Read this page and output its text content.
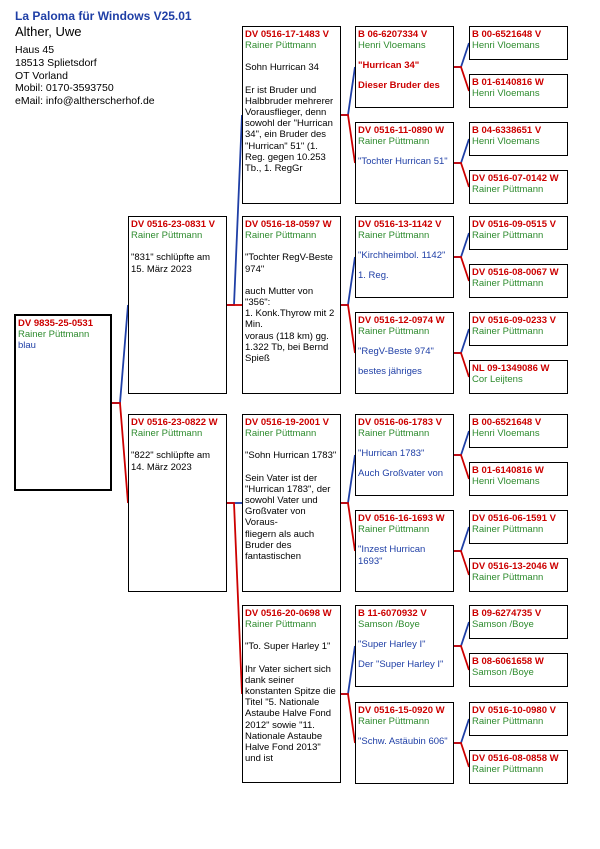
La Paloma für Windows V25.01
Alther, Uwe
Haus 45
18513 Splietsdorf
OT Vorland
Mobil: 0170-3593750
eMail: info@altherscherhof.de
DV 9835-25-0531
Rainer Püttmann
blau
DV 0516-23-0831 V
Rainer Püttmann
"831" schlüpfte am 15. März 2023
DV 0516-23-0822 W
Rainer Püttmann
"822" schlüpfte am 14. März 2023
DV 0516-17-1483 V
Rainer Püttmann
Sohn Hurrican 34
Er ist Bruder und Halbbruder mehrerer Vorausflieger, denn sowohl der "Hurrican 34", ein Bruder des "Hurrican" 51" (1. Reg. gegen 10.253 Tb., 1. RegGr
DV 0516-18-0597 W
Rainer Püttmann
"Tochter RegV-Beste 974"
auch Mutter von "356":
1. Konk.Thyrow mit 2 Min.
voraus (118 km) gg. 1.322 Tb, bei Bernd Spieß
DV 0516-19-2001 V
Rainer Püttmann
"Sohn Hurrican 1783"
Sein Vater ist der "Hurrican 1783", der sowohl Vater und Großvater von Voraus-
fliegern als auch Bruder des fantastischen
DV 0516-20-0698 W
Rainer Püttmann
"To. Super Harley 1"
Ihr Vater sichert sich dank seiner konstanten Spitze die Titel "5. Nationale Astaube Halve Fond 2012" sowie "11. Nationale Astaube Halve Fond 2013" und ist
B 06-6207334 V
Henri Vloemans
"Hurrican 34"
Dieser Bruder des
DV 0516-11-0890 W
Rainer Püttmann
"Tochter Hurrican 51"
DV 0516-13-1142 V
Rainer Püttmann
"Kirchheimbol. 1142"
1. Reg.
DV 0516-12-0974 W
Rainer Püttmann
"RegV-Beste 974"
bestes jähriges
DV 0516-06-1783 V
Rainer Püttmann
"Hurrican 1783"
Auch Großvater von
DV 0516-16-1693 W
Rainer Püttmann
"Inzest Hurrican 1693"
B 11-6070932 V
Samson /Boye
"Super Harley I"
Der "Super Harley I"
DV 0516-15-0920 W
Rainer Püttmann
"Schw. Astäubin 606"
B 00-6521648 V
Henri Vloemans
B 01-6140816 W
Henri Vloemans
B 04-6338651 V
Henri Vloemans
DV 0516-07-0142 W
Rainer Püttmann
DV 0516-09-0515 V
Rainer Püttmann
DV 0516-08-0067 W
Rainer Püttmann
DV 0516-09-0233 V
Rainer Püttmann
NL 09-1349086 W
Cor Leijtens
B 00-6521648 V
Henri Vloemans
B 01-6140816 W
Henri Vloemans
DV 0516-06-1591 V
Rainer Püttmann
DV 0516-13-2046 W
Rainer Püttmann
B 09-6274735 V
Samson /Boye
B 08-6061658 W
Samson /Boye
DV 0516-10-0980 V
Rainer Püttmann
DV 0516-08-0858 W
Rainer Püttmann
